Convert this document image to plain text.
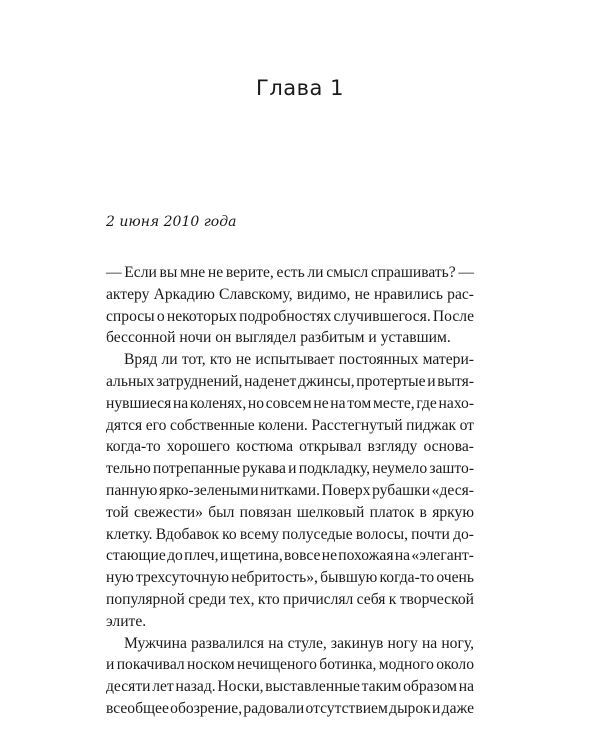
Глава 1

2 июня 2010 года

— Если вы мне не верите, есть ли смысл спрашивать? —
актеру Аркадию Славскому, видимо, не нравились рас-
спросы о некоторых подробностях случившегося. После
бессонной ночи он выглядел разбитым и уставшим.

Вряд ли тот, кто не испытывает постоянных матери-
альных затруднений, наденет джинсы, протертые и вытя-
нувшиеся на коленях, но совсем не на том месте, где нахо-
дятся его собственные колени. Расстегнутый пиджак от
когда-то хорошего костюма открывал взгляду основа-
тельно потрепанные рукава и подкладку, неумело зашто-
панную ярко-зелеными нитками. Поверх рубашки «деся-
той свежести» был повязан шелковый платок в яркую
клетку. Вдобавок ко всему полуседые волосы, почти до-
стающие до плеч, и щетина, вовсе не похожая на «элегант-
ную трехсуточную небритость», бывшую когда-то очень
популярной среди тех, кто причислял себя к творческой
элите.

Мужчина развалился на стуле, закинув ногу на ногу,
и покачивал носком нечищеного ботинка, модного около
десяти лет назад. Носки, выставленные таким образом на
всеобщее обозрение, радовали отсутствием дырок и даже
